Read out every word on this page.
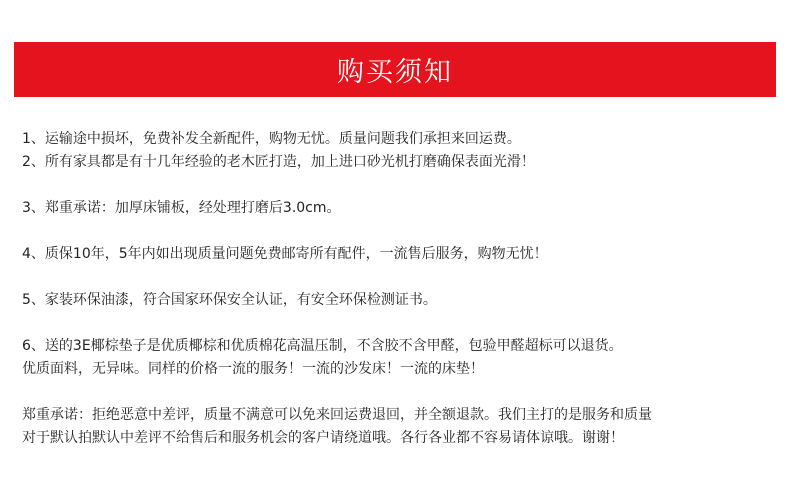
购买须知
1、运输途中损坏，免费补发全新配件，购物无忧。质量问题我们承担来回运费。
2、所有家具都是有十几年经验的老木匠打造，加上进口砂光机打磨确保表面光滑！
3、郑重承诺：加厚床铺板，经处理打磨后3.0cm。
4、质保10年，5年内如出现质量问题免费邮寄所有配件，一流售后服务，购物无忧！
5、家装环保油漆，符合国家环保安全认证，有安全环保检测证书。
6、送的3E椰棕垫子是优质椰棕和优质棉花高温压制，不含胶不含甲醛，包验甲醛超标可以退货。
优质面料，无异味。同样的价格一流的服务！一流的沙发床！一流的床垫！
郑重承诺：拒绝恶意中差评，质量不满意可以免来回运费退回，并全额退款。我们主打的是服务和质量
对于默认拍默认中差评不给售后和服务机会的客户请绕道哦。各行各业都不容易请体谅哦。谢谢！
